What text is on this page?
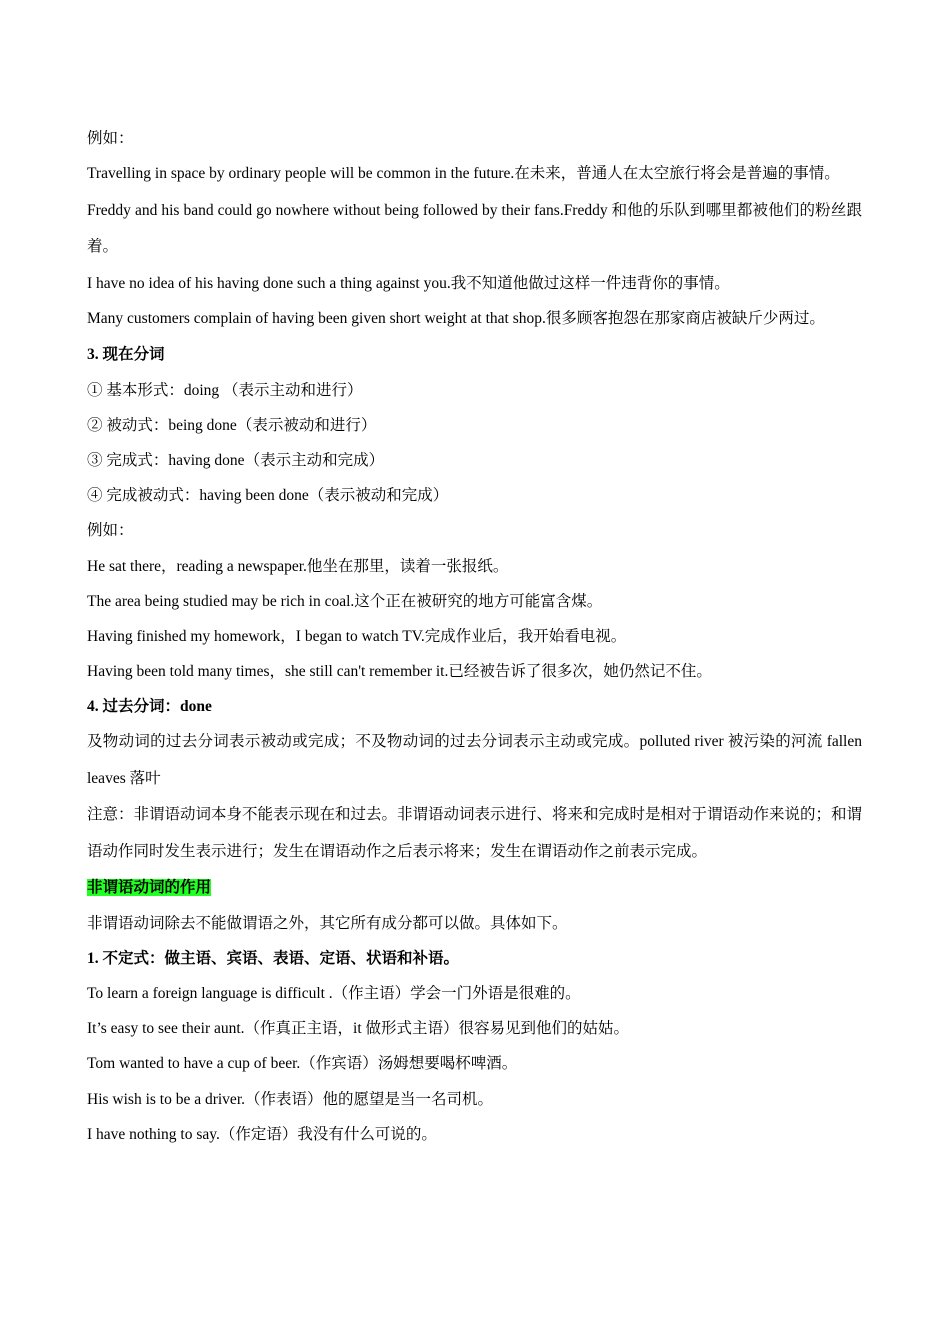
例如：
Travelling in space by ordinary people will be common in the future.在未来，普通人在太空旅行将会是普遍的事情。
Freddy and his band could go nowhere without being followed by their fans.Freddy 和他的乐队到哪里都被他们的粉丝跟着。
I have no idea of his having done such a thing against you.我不知道他做过这样一件违背你的事情。
Many customers complain of having been given short weight at that shop.很多顾客抱怨在那家商店被缺斤少两过。
3. 现在分词
① 基本形式：doing （表示主动和进行）
② 被动式：being done（表示被动和进行）
③ 完成式：having done（表示主动和完成）
④ 完成被动式：having been done（表示被动和完成）
例如：
He sat there，reading a newspaper.他坐在那里，读着一张报纸。
The area being studied may be rich in coal.这个正在被研究的地方可能富含煤。
Having finished my homework，I began to watch TV.完成作业后，我开始看电视。
Having been told many times，she still can't remember it.已经被告诉了很多次，她仍然记不住。
4. 过去分词：done
及物动词的过去分词表示被动或完成；不及物动词的过去分词表示主动或完成。polluted river 被污染的河流 fallen leaves 落叶
注意：非谓语动词本身不能表示现在和过去。非谓语动词表示进行、将来和完成时是相对于谓语动作来说的；和谓语动作同时发生表示进行；发生在谓语动作之后表示将来；发生在谓语动作之前表示完成。
非谓语动词的作用
非谓语动词除去不能做谓语之外，其它所有成分都可以做。具体如下。
1. 不定式：做主语、宾语、表语、定语、状语和补语。
To learn a foreign language is difficult .（作主语）学会一门外语是很难的。
It’s easy to see their aunt.（作真正主语，it 做形式主语）很容易见到他们的姑姑。
Tom wanted to have a cup of beer.（作宾语）汤姆想要喝杯啤酒。
His wish is to be a driver.（作表语）他的愿望是当一名司机。
I have nothing to say.（作定语）我没有什么可说的。
